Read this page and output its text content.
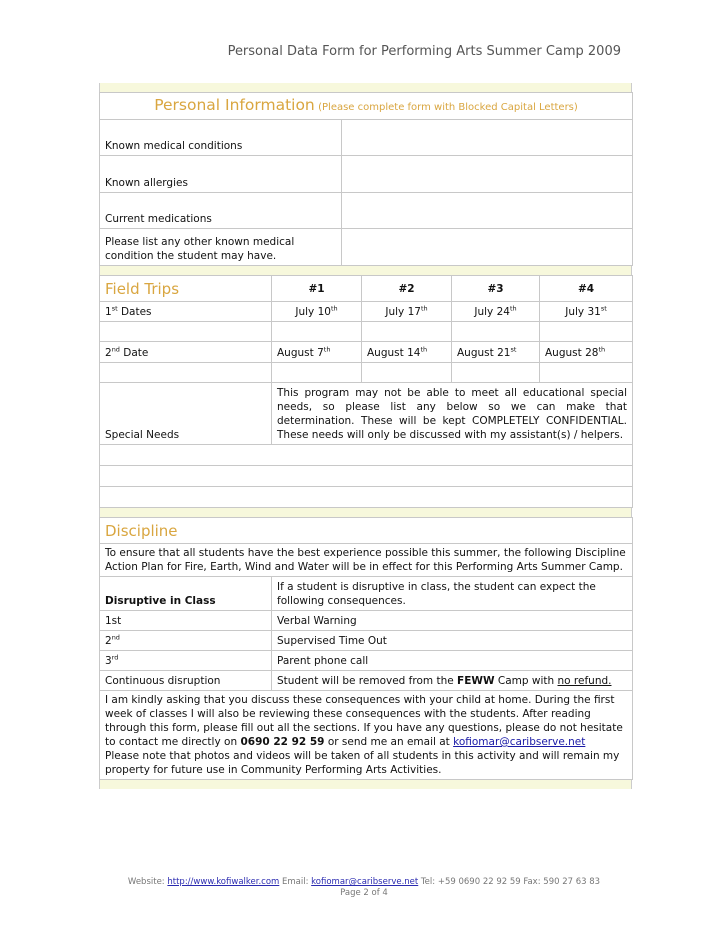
Personal Data Form for Performing Arts Summer Camp 2009
Personal Information (Please complete form with Blocked Capital Letters)	
Known medical conditions	
Known allergies	
Current medications	
Please list any other known medical condition the student may have.	
Field Trips	#1	#2	#3	#4
1st Dates	July 10th	July 17th	July 24th	July 31st

2nd Date	August 7th	August 14th	August 21st	August 28th

Special Needs	This program may not be able to meet all educational special needs, so please list any below so we can make that determination. These will be kept COMPLETELY CONFIDENTIAL. These needs will only be discussed with my assistant(s) / helpers.			

Discipline	
To ensure that all students have the best experience possible this summer, the following Discipline Action Plan for Fire, Earth, Wind and Water will be in effect for this Performing Arts Summer Camp.	
Disruptive in Class	If a student is disruptive in class, the student can expect the following consequences.
1st	Verbal Warning
2nd	Supervised Time Out
3rd	Parent phone call
Continuous disruption	Student will be removed from the FEWW Camp with no refund.

I am kindly asking that you discuss these consequences with your child at home. During the first week of classes I will also be reviewing these consequences with the students. After reading through this form, please fill out all the sections. If you have any questions, please do not hesitate to contact me directly on 0690 22 92 59 or send me an email at kofiomar@caribserve.net
Please note that photos and videos will be taken of all students in this activity and will remain my property for future use in Community Performing Arts Activities.	
Website: http://www.kofiwalker.com Email: kofiomar@caribserve.net Tel: +59 0690 22 92 59 Fax: 590 27 63 83
Page 2 of 4
